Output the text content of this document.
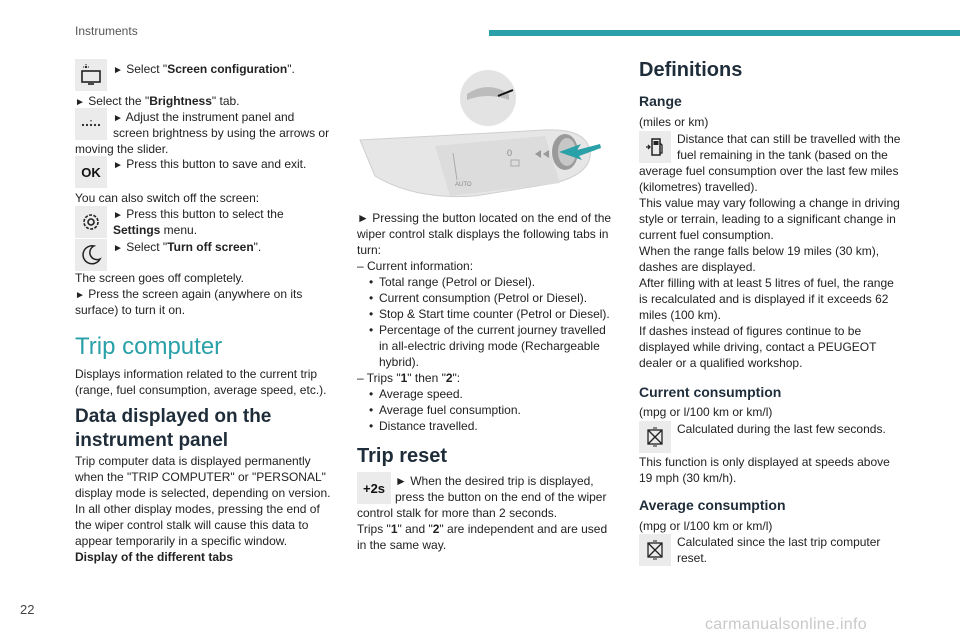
Instruments
► Select "Screen configuration".
► Select the "Brightness" tab.
► Adjust the instrument panel and
screen brightness by using the arrows or
moving the slider.
OK ► Press this button to save and exit.
You can also switch off the screen:
► Press this button to select the
Settings menu.
► Select "Turn off screen".
The screen goes off completely.
► Press the screen again (anywhere on its
surface) to turn it on.
Trip computer
Displays information related to the current trip
(range, fuel consumption, average speed, etc.).
Data displayed on the
instrument panel
Trip computer data is displayed permanently
when the "TRIP COMPUTER" or "PERSONAL"
display mode is selected, depending on version.
In all other display modes, pressing the end of
the wiper control stalk will cause this data to
appear temporarily in a specific window.
Display of the different tabs
0
AUTO
► Pressing the button located on the end of the
wiper control stalk displays the following tabs in
turn:
– Current information:
• Total range (Petrol or Diesel).
• Current consumption (Petrol or Diesel).
• Stop & Start time counter (Petrol or Diesel).
• Percentage of the current journey travelled
in all-electric driving mode (Rechargeable
hybrid).
– Trips "1" then "2":
• Average speed.
• Average fuel consumption.
• Distance travelled.
Trip reset
+2s ► When the desired trip is displayed,
press the button on the end of the wiper
control stalk for more than 2 seconds.
Trips "1" and "2" are independent and are used
in the same way.
Definitions
Range
(miles or km)
Distance that can still be travelled with the
fuel remaining in the tank (based on the
average fuel consumption over the last few miles
(kilometres) travelled).
This value may vary following a change in driving
style or terrain, leading to a significant change in
current fuel consumption.
When the range falls below 19 miles (30 km),
dashes are displayed.
After filling with at least 5 litres of fuel, the range
is recalculated and is displayed if it exceeds 62
miles (100 km).
If dashes instead of figures continue to be
displayed while driving, contact a PEUGEOT
dealer or a qualified workshop.
Current consumption
(mpg or l/100 km or km/l)
Calculated during the last few seconds.
This function is only displayed at speeds above
19 mph (30 km/h).
Average consumption
(mpg or l/100 km or km/l)
Calculated since the last trip computer
reset.
22
carmanualsonline.info
